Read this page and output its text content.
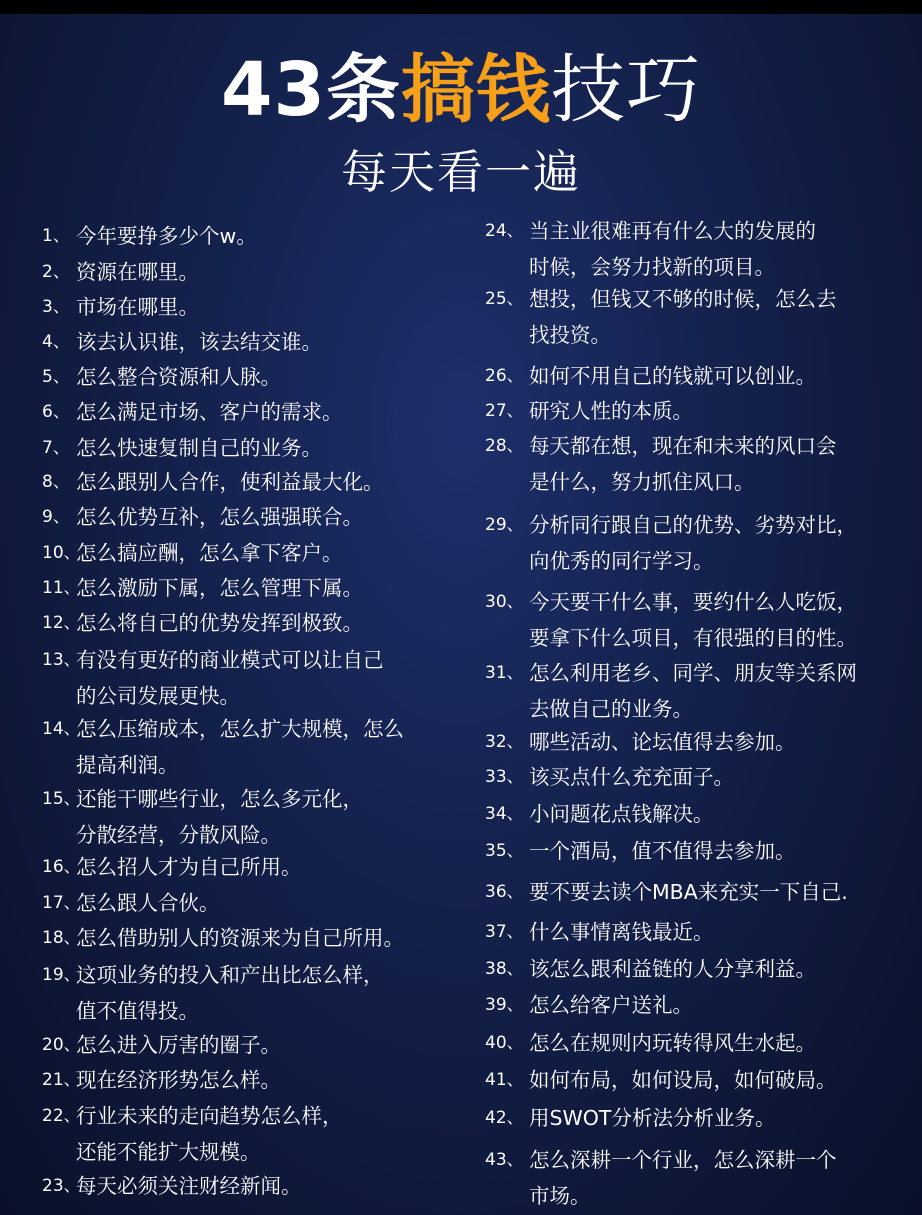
43条搞钱技巧
每天看一遍
1、 今年要挣多少个w。
2、 资源在哪里。
3、 市场在哪里。
4、 该去认识谁，该去结交谁。
5、 怎么整合资源和人脉。
6、 怎么满足市场、客户的需求。
7、 怎么快速复制自己的业务。
8、 怎么跟别人合作，使利益最大化。
9、 怎么优势互补，怎么强强联合。
10、
怎么搞应酬，怎么拿下客户。
11、
怎么激励下属，怎么管理下属。
12、
怎么将自己的优势发挥到极致。
13、
有没有更好的商业模式可以让自己
的公司发展更快。
14、
怎么压缩成本，怎么扩大规模，怎么
提高利润。
15、
还能干哪些行业，怎么多元化，
分散经营，分散风险。
16、
怎么招人才为自己所用。
17、
怎么跟人合伙。
18、
怎么借助别人的资源来为自己所用。
19、
这项业务的投入和产出比怎么样，
值不值得投。
20、
怎么进入厉害的圈子。
21、
现在经济形势怎么样。
22、
行业未来的走向趋势怎么样，
还能不能扩大规模。
23、
每天必须关注财经新闻。
24、 当主业很难再有什么大的发展的
时候，会努力找新的项目。
25、 想投，但钱又不够的时候，怎么去
找投资。
26、 如何不用自己的钱就可以创业。
27、 研究人性的本质。
28、 每天都在想，现在和未来的风口会
是什么，努力抓住风口。
29、 分析同行跟自己的优势、劣势对比，
向优秀的同行学习。
30、 今天要干什么事，要约什么人吃饭，
要拿下什么项目，有很强的目的性。
31、 怎么利用老乡、同学、朋友等关系网
去做自己的业务。
32、 哪些活动、论坛值得去参加。
33、 该买点什么充充面子。
34、 小问题花点钱解决。
35、 一个酒局，值不值得去参加。
36、 要不要去读个MBA来充实一下自己.
37、 什么事情离钱最近。
38、 该怎么跟利益链的人分享利益。
39、 怎么给客户送礼。
40、 怎么在规则内玩转得风生水起。
41、 如何布局，如何设局，如何破局。
42、 用SWOT分析法分析业务。
43、 怎么深耕一个行业，怎么深耕一个
市场。
